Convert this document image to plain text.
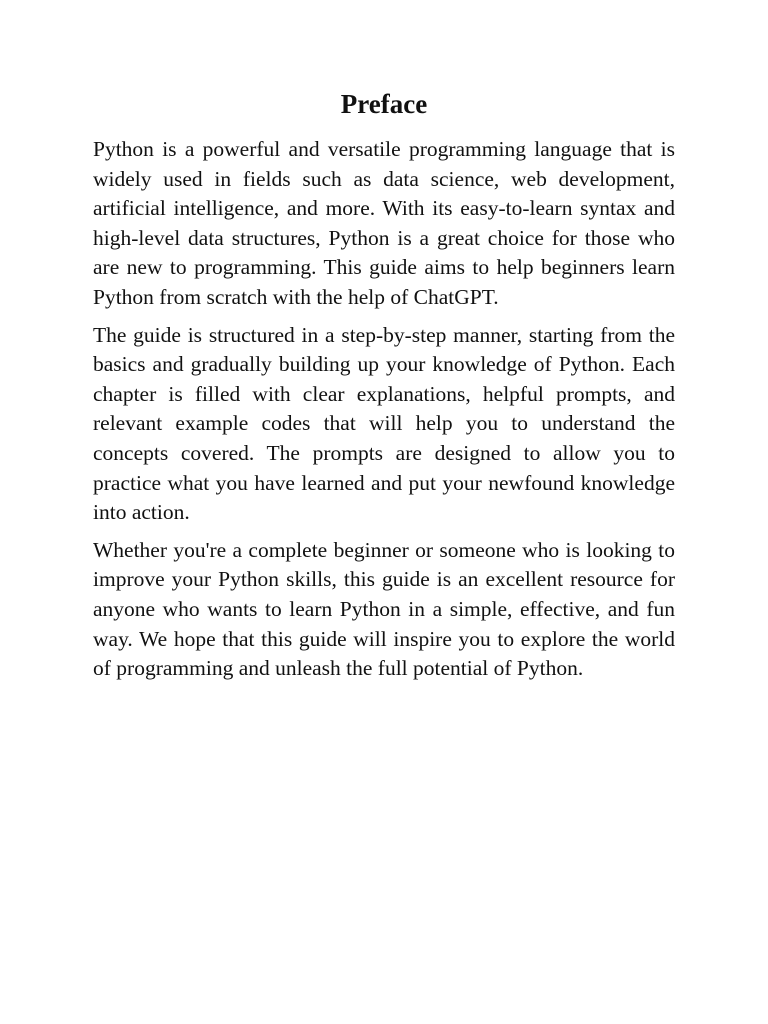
Preface

Python is a powerful and versatile programming language that is widely used in fields such as data science, web development, artificial intelligence, and more. With its easy-to-learn syntax and high-level data structures, Python is a great choice for those who are new to programming. This guide aims to help beginners learn Python from scratch with the help of ChatGPT.

The guide is structured in a step-by-step manner, starting from the basics and gradually building up your knowledge of Python. Each chapter is filled with clear explanations, helpful prompts, and relevant example codes that will help you to understand the concepts covered. The prompts are designed to allow you to practice what you have learned and put your newfound knowledge into action.

Whether you're a complete beginner or someone who is looking to improve your Python skills, this guide is an excellent resource for anyone who wants to learn Python in a simple, effective, and fun way. We hope that this guide will inspire you to explore the world of programming and unleash the full potential of Python.
